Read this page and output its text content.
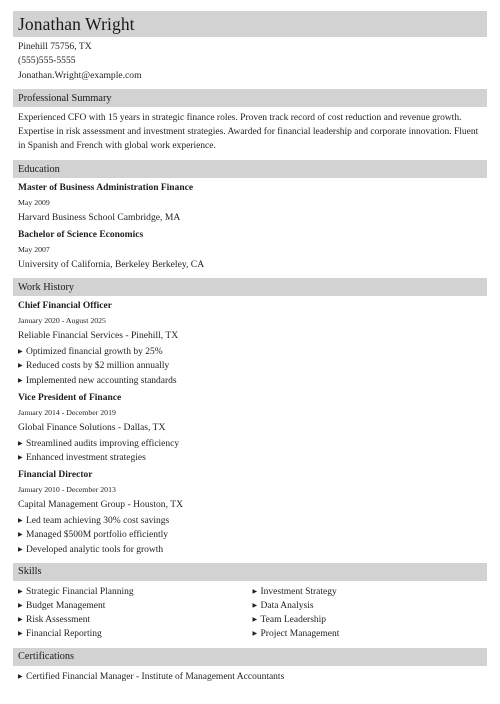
Jonathan Wright
Pinehill 75756, TX
(555)555-5555
Jonathan.Wright@example.com
Professional Summary
Experienced CFO with 15 years in strategic finance roles. Proven track record of cost reduction and revenue growth. Expertise in risk assessment and investment strategies. Awarded for financial leadership and corporate innovation. Fluent in Spanish and French with global work experience.
Education
Master of Business Administration Finance
May 2009
Harvard Business School Cambridge, MA
Bachelor of Science Economics
May 2007
University of California, Berkeley Berkeley, CA
Work History
Chief Financial Officer
January 2020 - August 2025
Reliable Financial Services - Pinehill, TX
▶ Optimized financial growth by 25%
▶ Reduced costs by $2 million annually
▶ Implemented new accounting standards
Vice President of Finance
January 2014 - December 2019
Global Finance Solutions - Dallas, TX
▶ Streamlined audits improving efficiency
▶ Enhanced investment strategies
Financial Director
January 2010 - December 2013
Capital Management Group - Houston, TX
▶ Led team achieving 30% cost savings
▶ Managed $500M portfolio efficiently
▶ Developed analytic tools for growth
Skills
▶ Strategic Financial Planning
▶ Budget Management
▶ Risk Assessment
▶ Financial Reporting
▶ Investment Strategy
▶ Data Analysis
▶ Team Leadership
▶ Project Management
Certifications
▶ Certified Financial Manager - Institute of Management Accountants
